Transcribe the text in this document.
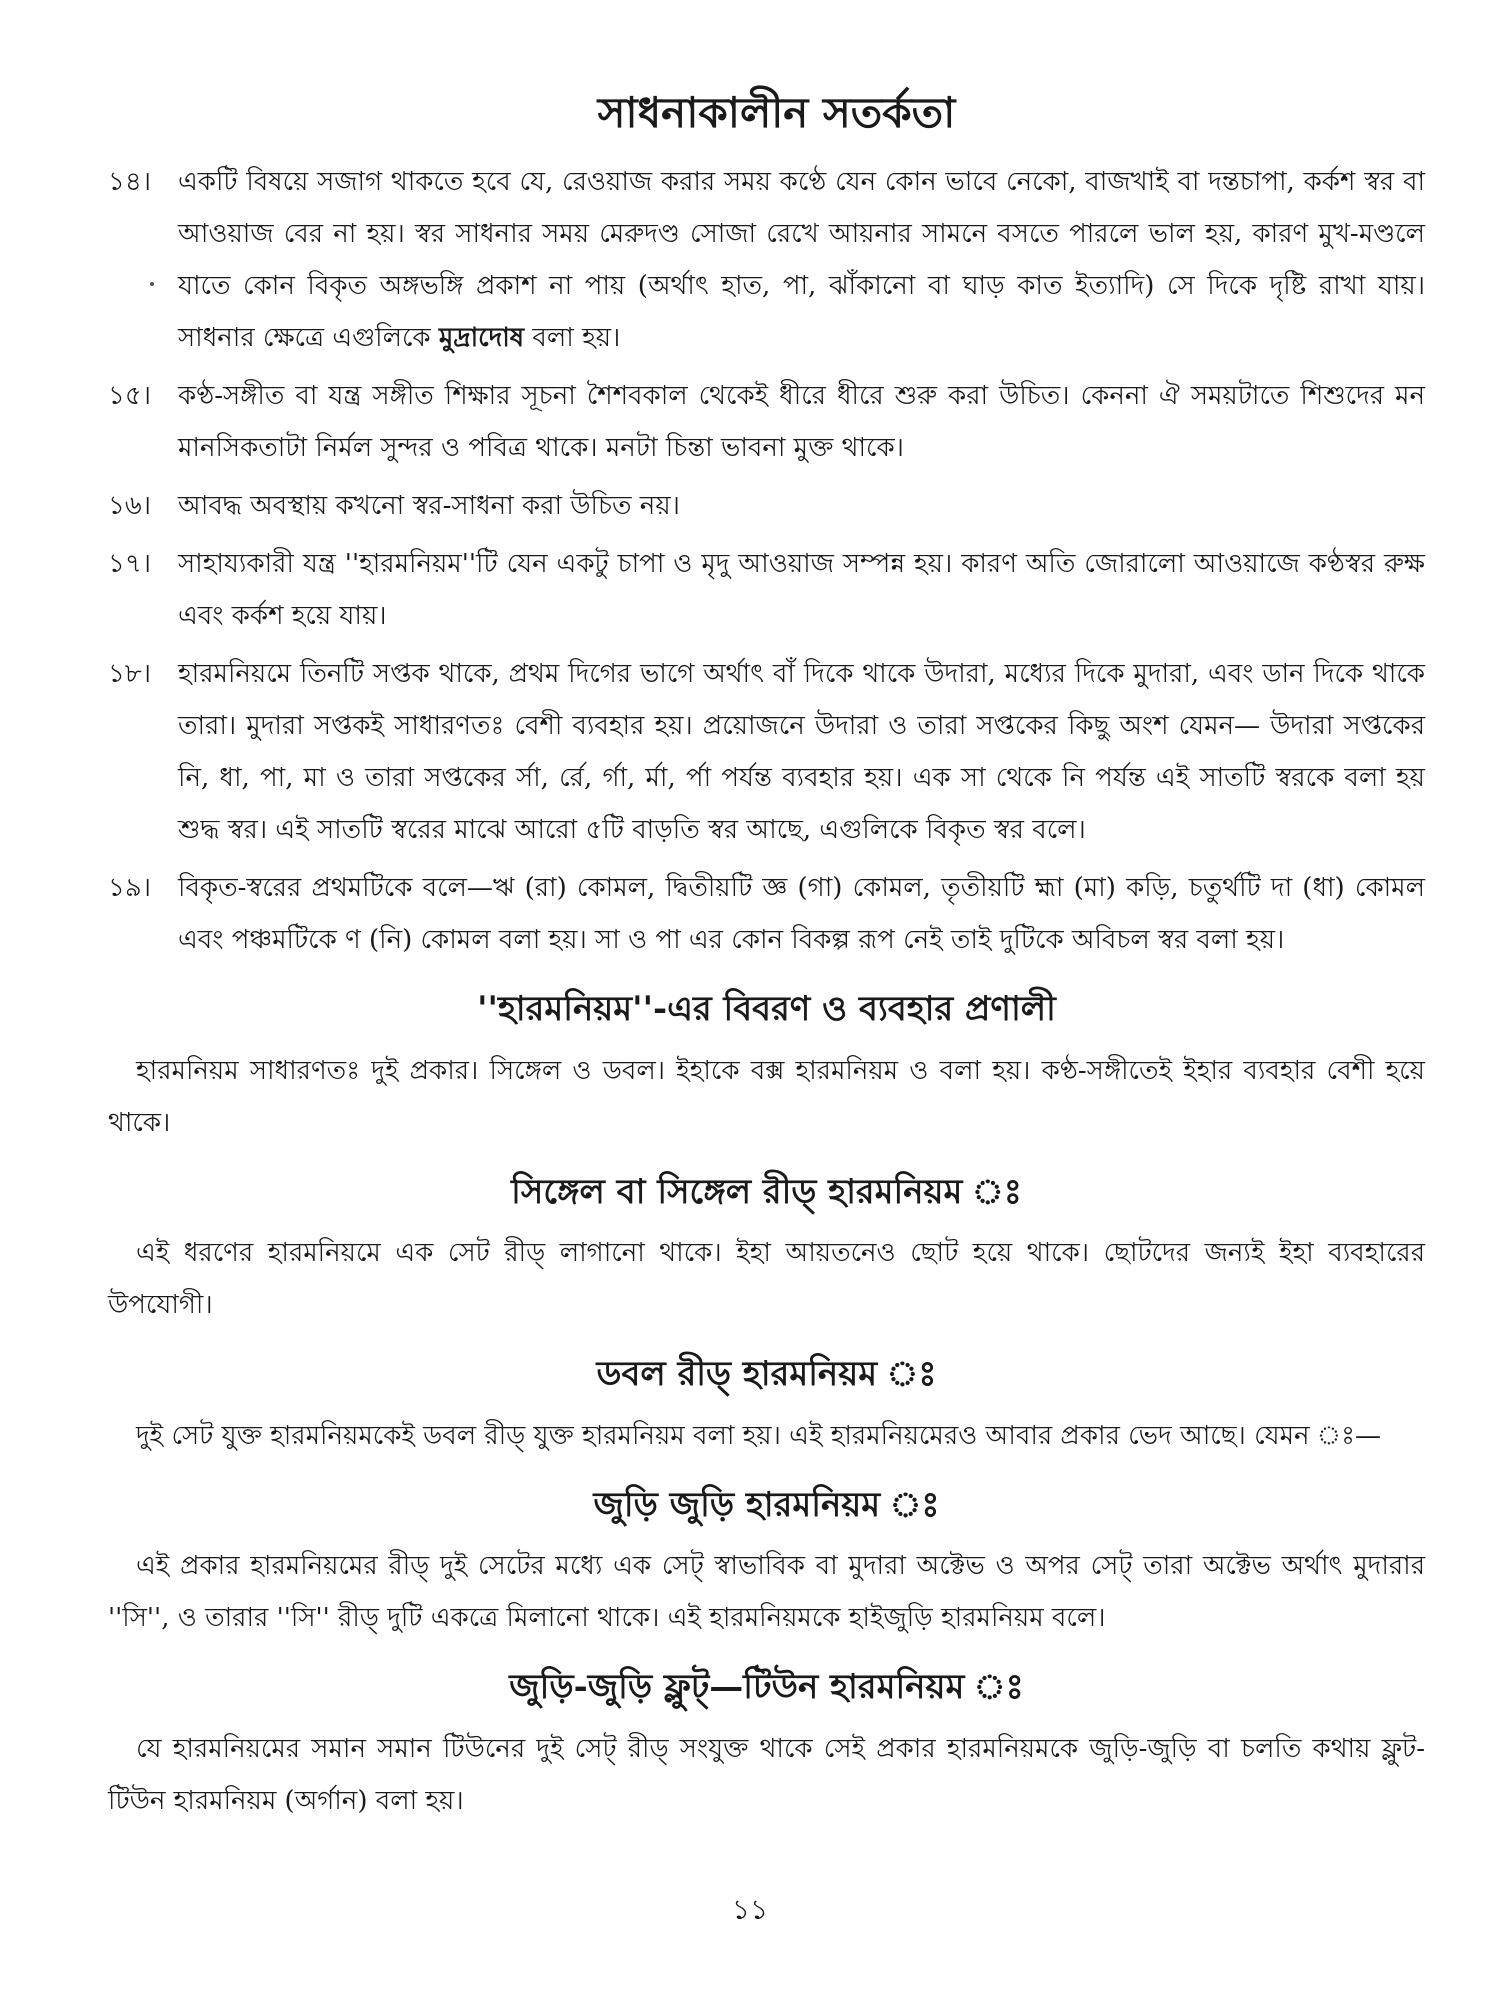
সাধনাকালীন সতর্কতা
১৪।	একটি বিষয়ে সজাগ থাকতে হবে যে, রেওয়াজ করার সময় কণ্ঠে যেন কোন ভাবে নেকো, বাজখাই বা দন্তচাপা, কর্কশ স্বর বা আওয়াজ বের না হয়। স্বর সাধনার সময় মেরুদণ্ড সোজা রেখে আয়নার সামনে বসতে পারলে ভাল হয়, কারণ মুখ-মণ্ডলে যাতে কোন বিকৃত অঙ্গভঙ্গি প্রকাশ না পায় (অর্থাৎ হাত, পা, ঝাঁকানো বা ঘাড় কাত ইত্যাদি) সে দিকে দৃষ্টি রাখা যায়। সাধনার ক্ষেত্রে এগুলিকে মুদ্রাদোষ বলা হয়।
১৫।	কণ্ঠ-সঙ্গীত বা যন্ত্র সঙ্গীত শিক্ষার সূচনা শৈশবকাল থেকেই ধীরে ধীরে শুরু করা উচিত। কেননা ঐ সময়টাতে শিশুদের মন মানসিকতাটা নির্মল সুন্দর ও পবিত্র থাকে। মনটা চিন্তা ভাবনা মুক্ত থাকে।
১৬।	আবদ্ধ অবস্থায় কখনো স্বর-সাধনা করা উচিত নয়।
১৭।	সাহায্যকারী যন্ত্র ''হারমনিয়ম''টি যেন একটু চাপা ও মৃদু আওয়াজ সম্পন্ন হয়। কারণ অতি জোরালো আওয়াজে কণ্ঠস্বর রুক্ষ এবং কর্কশ হয়ে যায়।
১৮।	হারমনিয়মে তিনটি সপ্তক থাকে, প্রথম দিগের ভাগে অর্থাৎ বাঁ দিকে থাকে উদারা, মধ্যের দিকে মুদারা, এবং ডান দিকে থাকে তারা। মুদারা সপ্তকই সাধারণতঃ বেশী ব্যবহার হয়। প্রয়োজনে উদারা ও তারা সপ্তকের কিছু অংশ যেমন— উদারা সপ্তকের নি, ধা, পা, মা ও তারা সপ্তকের র্সা, র্রে, র্গা, র্মা, র্পা পর্যন্ত ব্যবহার হয়। এক সা থেকে নি পর্যন্ত এই সাতটি স্বরকে বলা হয় শুদ্ধ স্বর। এই সাতটি স্বরের মাঝে আরো ৫টি বাড়তি স্বর আছে, এগুলিকে বিকৃত স্বর বলে।
১৯।	বিকৃত-স্বরের প্রথমটিকে বলে—ঋ (রা) কোমল, দ্বিতীয়টি জ্ঞ (গা) কোমল, তৃতীয়টি হ্মা (মা) কড়ি, চতুর্থটি দা (ধা) কোমল এবং পঞ্চমটিকে ণ (নি) কোমল বলা হয়। সা ও পা এর কোন বিকল্প রূপ নেই তাই দুটিকে অবিচল স্বর বলা হয়।
''হারমনিয়ম''-এর বিবরণ ও ব্যবহার প্রণালী

হারমনিয়ম সাধারণতঃ দুই প্রকার। সিঙ্গেল ও ডবল। ইহাকে বক্স হারমনিয়ম ও বলা হয়। কণ্ঠ-সঙ্গীতেই ইহার ব্যবহার বেশী হয়ে থাকে।

সিঙ্গেল বা সিঙ্গেল রীড্ হারমনিয়ম ঃ

এই ধরণের হারমনিয়মে এক সেট রীড্ লাগানো থাকে। ইহা আয়তনেও ছোট হয়ে থাকে। ছোটদের জন্যই ইহা ব্যবহারের উপযোগী।

ডবল রীড্ হারমনিয়ম ঃ

দুই সেট যুক্ত হারমনিয়মকেই ডবল রীড্ যুক্ত হারমনিয়ম বলা হয়। এই হারমনিয়মেরও আবার প্রকার ভেদ আছে। যেমন ঃ—

জুড়ি জুড়ি হারমনিয়ম ঃ

এই প্রকার হারমনিয়মের রীড্ দুই সেটের মধ্যে এক সেট্ স্বাভাবিক বা মুদারা অক্টেভ ও অপর সেট্ তারা অক্টেভ অর্থাৎ মুদারার ''সি'', ও তারার ''সি'' রীড্ দুটি একত্রে মিলানো থাকে। এই হারমনিয়মকে হাইজুড়ি হারমনিয়ম বলে।

জুড়ি-জুড়ি ফ্লুট্—টিউন হারমনিয়ম ঃ

যে হারমনিয়মের সমান সমান টিউনের দুই সেট্ রীড্ সংযুক্ত থাকে সেই প্রকার হারমনিয়মকে জুড়ি-জুড়ি বা চলতি কথায় ফ্লুট-টিউন হারমনিয়ম (অর্গান) বলা হয়।

১১
